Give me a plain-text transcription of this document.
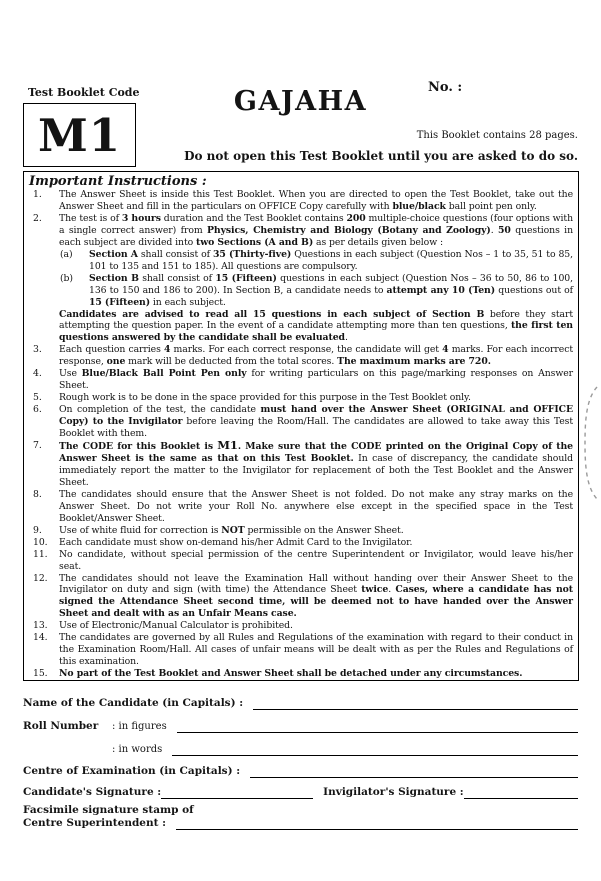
Test Booklet Code
M1
GAJAHA	No. :
This Booklet contains 28 pages.
Do not open this Test Booklet until you are asked to do so.
Important Instructions :
1.	The Answer Sheet is inside this Test Booklet. When you are directed to open the Test Booklet, take out the Answer Sheet and fill in the particulars on OFFICE Copy carefully with blue/black ball point pen only.
2.	The test is of 3 hours duration and the Test Booklet contains 200 multiple-choice questions (four options with a single correct answer) from Physics, Chemistry and Biology (Botany and Zoology). 50 questions in each subject are divided into two Sections (A and B) as per details given below :
(a)	Section A shall consist of 35 (Thirty-five) Questions in each subject (Question Nos – 1 to 35, 51 to 85, 101 to 135 and 151 to 185). All questions are compulsory.
(b)	Section B shall consist of 15 (Fifteen) questions in each subject (Question Nos – 36 to 50, 86 to 100, 136 to 150 and 186 to 200). In Section B, a candidate needs to attempt any 10 (Ten) questions out of 15 (Fifteen) in each subject.
Candidates are advised to read all 15 questions in each subject of Section B before they start attempting the question paper. In the event of a candidate attempting more than ten questions, the first ten questions answered by the candidate shall be evaluated.
3.	Each question carries 4 marks. For each correct response, the candidate will get 4 marks. For each incorrect response, one mark will be deducted from the total scores. The maximum marks are 720.
4.	Use Blue/Black Ball Point Pen only for writing particulars on this page/marking responses on Answer Sheet.
5.	Rough work is to be done in the space provided for this purpose in the Test Booklet only.
6.	On completion of the test, the candidate must hand over the Answer Sheet (ORIGINAL and OFFICE Copy) to the Invigilator before leaving the Room/Hall. The candidates are allowed to take away this Test Booklet with them.
7.	The CODE for this Booklet is M1. Make sure that the CODE printed on the Original Copy of the Answer Sheet is the same as that on this Test Booklet. In case of discrepancy, the candidate should immediately report the matter to the Invigilator for replacement of both the Test Booklet and the Answer Sheet.
8.	The candidates should ensure that the Answer Sheet is not folded. Do not make any stray marks on the Answer Sheet. Do not write your Roll No. anywhere else except in the specified space in the Test Booklet/Answer Sheet.
9.	Use of white fluid for correction is NOT permissible on the Answer Sheet.
10.	Each candidate must show on-demand his/her Admit Card to the Invigilator.
11.	No candidate, without special permission of the centre Superintendent or Invigilator, would leave his/her seat.
12.	The candidates should not leave the Examination Hall without handing over their Answer Sheet to the Invigilator on duty and sign (with time) the Attendance Sheet twice. Cases, where a candidate has not signed the Attendance Sheet second time, will be deemed not to have handed over the Answer Sheet and dealt with as an Unfair Means case.
13.	Use of Electronic/Manual Calculator is prohibited.
14.	The candidates are governed by all Rules and Regulations of the examination with regard to their conduct in the Examination Room/Hall. All cases of unfair means will be dealt with as per the Rules and Regulations of this examination.
15.	No part of the Test Booklet and Answer Sheet shall be detached under any circumstances.
Name of the Candidate (in Capitals) :
Roll Number	: in figures
: in words
Centre of Examination (in Capitals) :
Candidate's Signature :	Invigilator's Signature :
Facsimile signature stamp of
Centre Superintendent :
